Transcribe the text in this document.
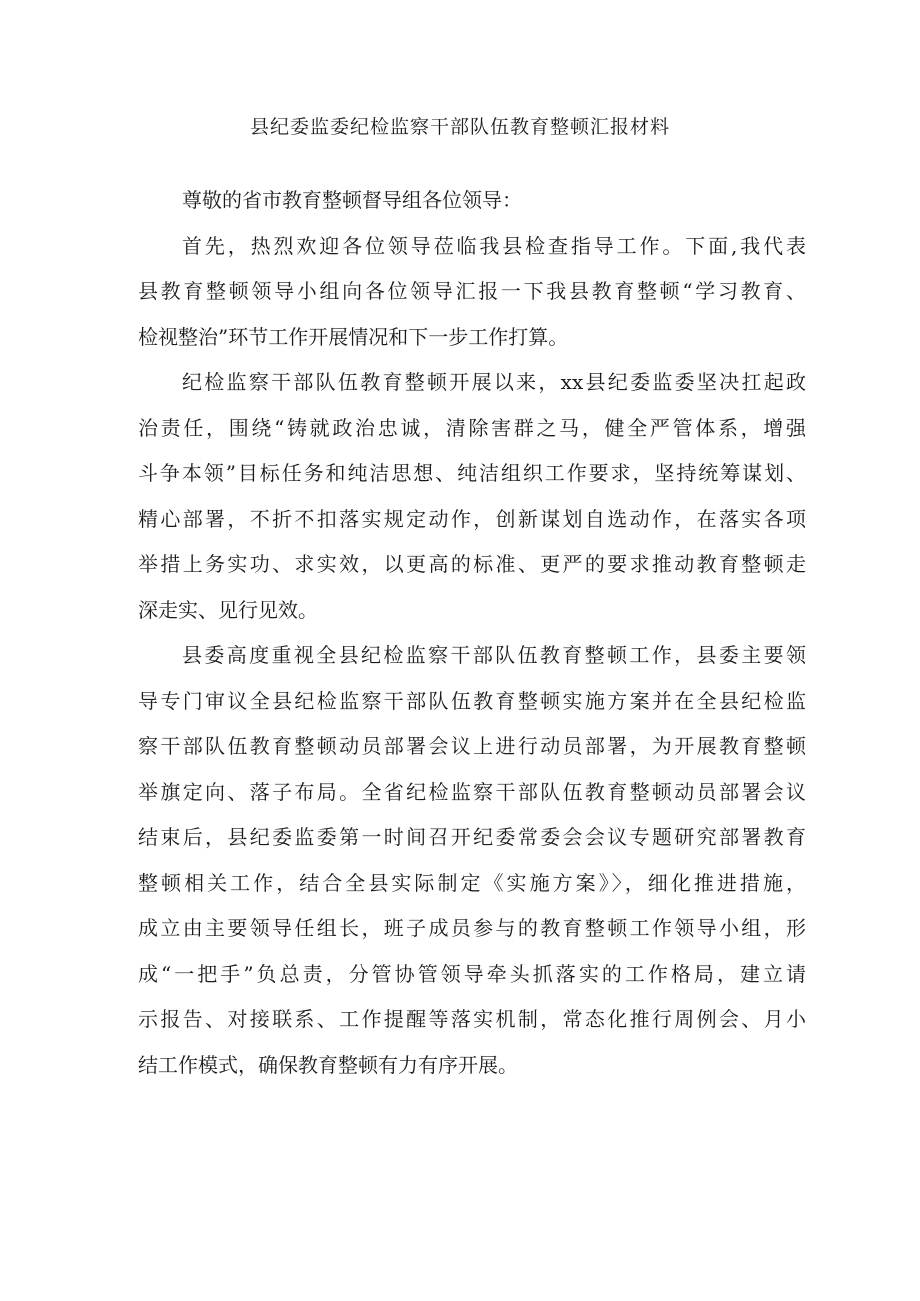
县纪委监委纪检监察干部队伍教育整顿汇报材料
尊敬的省市教育整顿督导组各位领导：
首先，热烈欢迎各位领导莅临我县检查指导工作。下面,我代表
县教育整顿领导小组向各位领导汇报一下我县教育整顿“学习教育、
检视整治”环节工作开展情况和下一步工作打算。
纪检监察干部队伍教育整顿开展以来，xx县纪委监委坚决扛起政
治责任，围绕“铸就政治忠诚，清除害群之马，健全严管体系，增强
斗争本领”目标任务和纯洁思想、纯洁组织工作要求，坚持统筹谋划、
精心部署，不折不扣落实规定动作，创新谋划自选动作，在落实各项
举措上务实功、求实效，以更高的标准、更严的要求推动教育整顿走
深走实、见行见效。
县委高度重视全县纪检监察干部队伍教育整顿工作，县委主要领
导专门审议全县纪检监察干部队伍教育整顿实施方案并在全县纪检监
察干部队伍教育整顿动员部署会议上进行动员部署，为开展教育整顿
举旗定向、落子布局。全省纪检监察干部队伍教育整顿动员部署会议
结束后，县纪委监委第一时间召开纪委常委会会议专题研究部署教育
整顿相关工作，结合全县实际制定《实施方案》〉，细化推进措施，
成立由主要领导任组长，班子成员参与的教育整顿工作领导小组，形
成“一把手”负总责，分管协管领导牵头抓落实的工作格局，建立请
示报告、对接联系、工作提醒等落实机制，常态化推行周例会、月小
结工作模式，确保教育整顿有力有序开展。
